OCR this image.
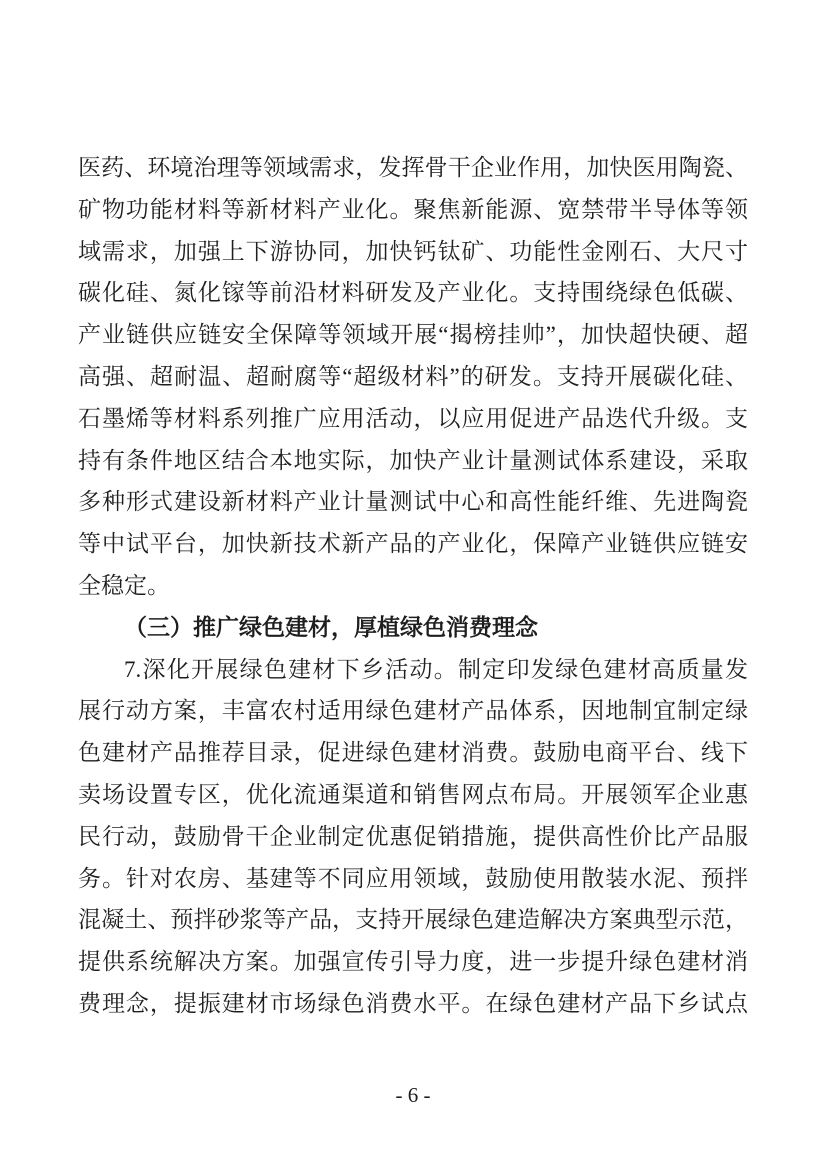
医药、环境治理等领域需求，发挥骨干企业作用，加快医用陶瓷、
矿物功能材料等新材料产业化。聚焦新能源、宽禁带半导体等领
域需求，加强上下游协同，加快钙钛矿、功能性金刚石、大尺寸
碳化硅、氮化镓等前沿材料研发及产业化。支持围绕绿色低碳、
产业链供应链安全保障等领域开展“揭榜挂帅”，加快超快硬、超
高强、超耐温、超耐腐等“超级材料”的研发。支持开展碳化硅、
石墨烯等材料系列推广应用活动，以应用促进产品迭代升级。支
持有条件地区结合本地实际，加快产业计量测试体系建设，采取
多种形式建设新材料产业计量测试中心和高性能纤维、先进陶瓷
等中试平台，加快新技术新产品的产业化，保障产业链供应链安
全稳定。
（三）推广绿色建材，厚植绿色消费理念
7.深化开展绿色建材下乡活动。制定印发绿色建材高质量发
展行动方案，丰富农村适用绿色建材产品体系，因地制宜制定绿
色建材产品推荐目录，促进绿色建材消费。鼓励电商平台、线下
卖场设置专区，优化流通渠道和销售网点布局。开展领军企业惠
民行动，鼓励骨干企业制定优惠促销措施，提供高性价比产品服
务。针对农房、基建等不同应用领域，鼓励使用散装水泥、预拌
混凝土、预拌砂浆等产品，支持开展绿色建造解决方案典型示范，
提供系统解决方案。加强宣传引导力度，进一步提升绿色建材消
费理念，提振建材市场绿色消费水平。在绿色建材产品下乡试点
- 6 -
